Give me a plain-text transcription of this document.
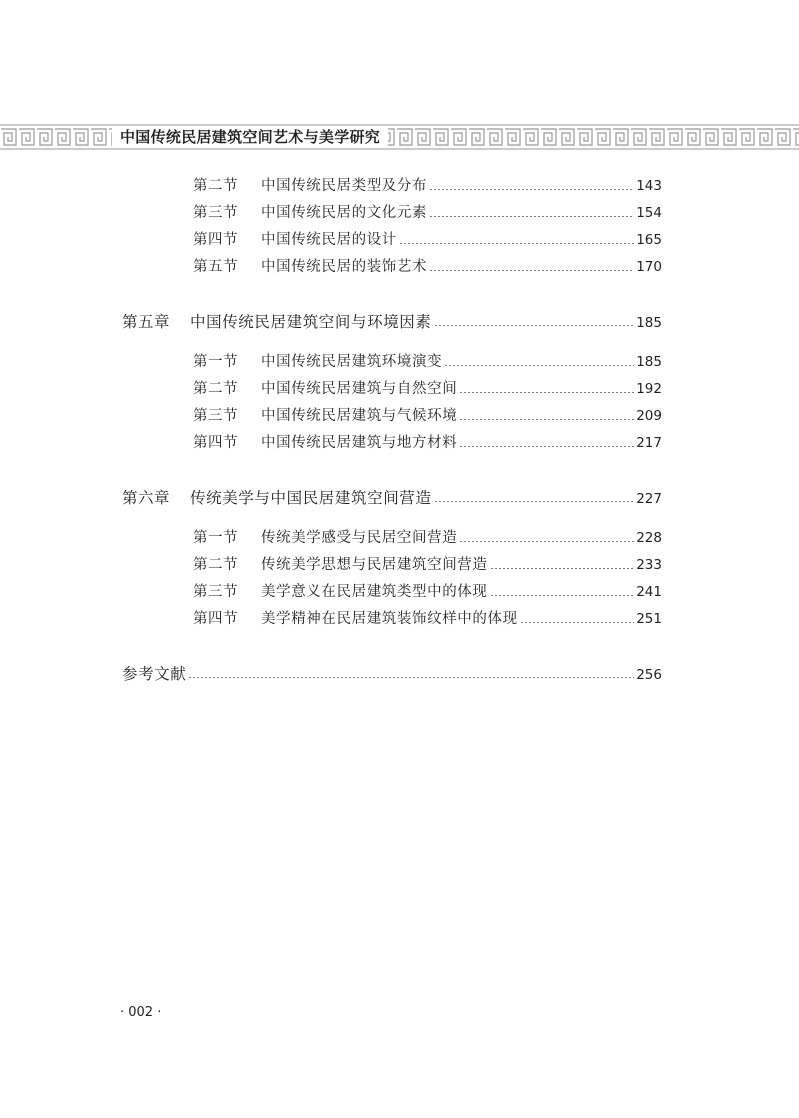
中国传统民居建筑空间艺术与美学研究
第二节	中国传统民居类型及分布	143
第三节	中国传统民居的文化元素	154
第四节	中国传统民居的设计	165
第五节	中国传统民居的装饰艺术	170
第五章	中国传统民居建筑空间与环境因素	185
第一节	中国传统民居建筑环境演变	185
第二节	中国传统民居建筑与自然空间	192
第三节	中国传统民居建筑与气候环境	209
第四节	中国传统民居建筑与地方材料	217
第六章	传统美学与中国民居建筑空间营造	227
第一节	传统美学感受与民居空间营造	228
第二节	传统美学思想与民居建筑空间营造	233
第三节	美学意义在民居建筑类型中的体现	241
第四节	美学精神在民居建筑装饰纹样中的体现	251
参考文献	256
· 002 ·
